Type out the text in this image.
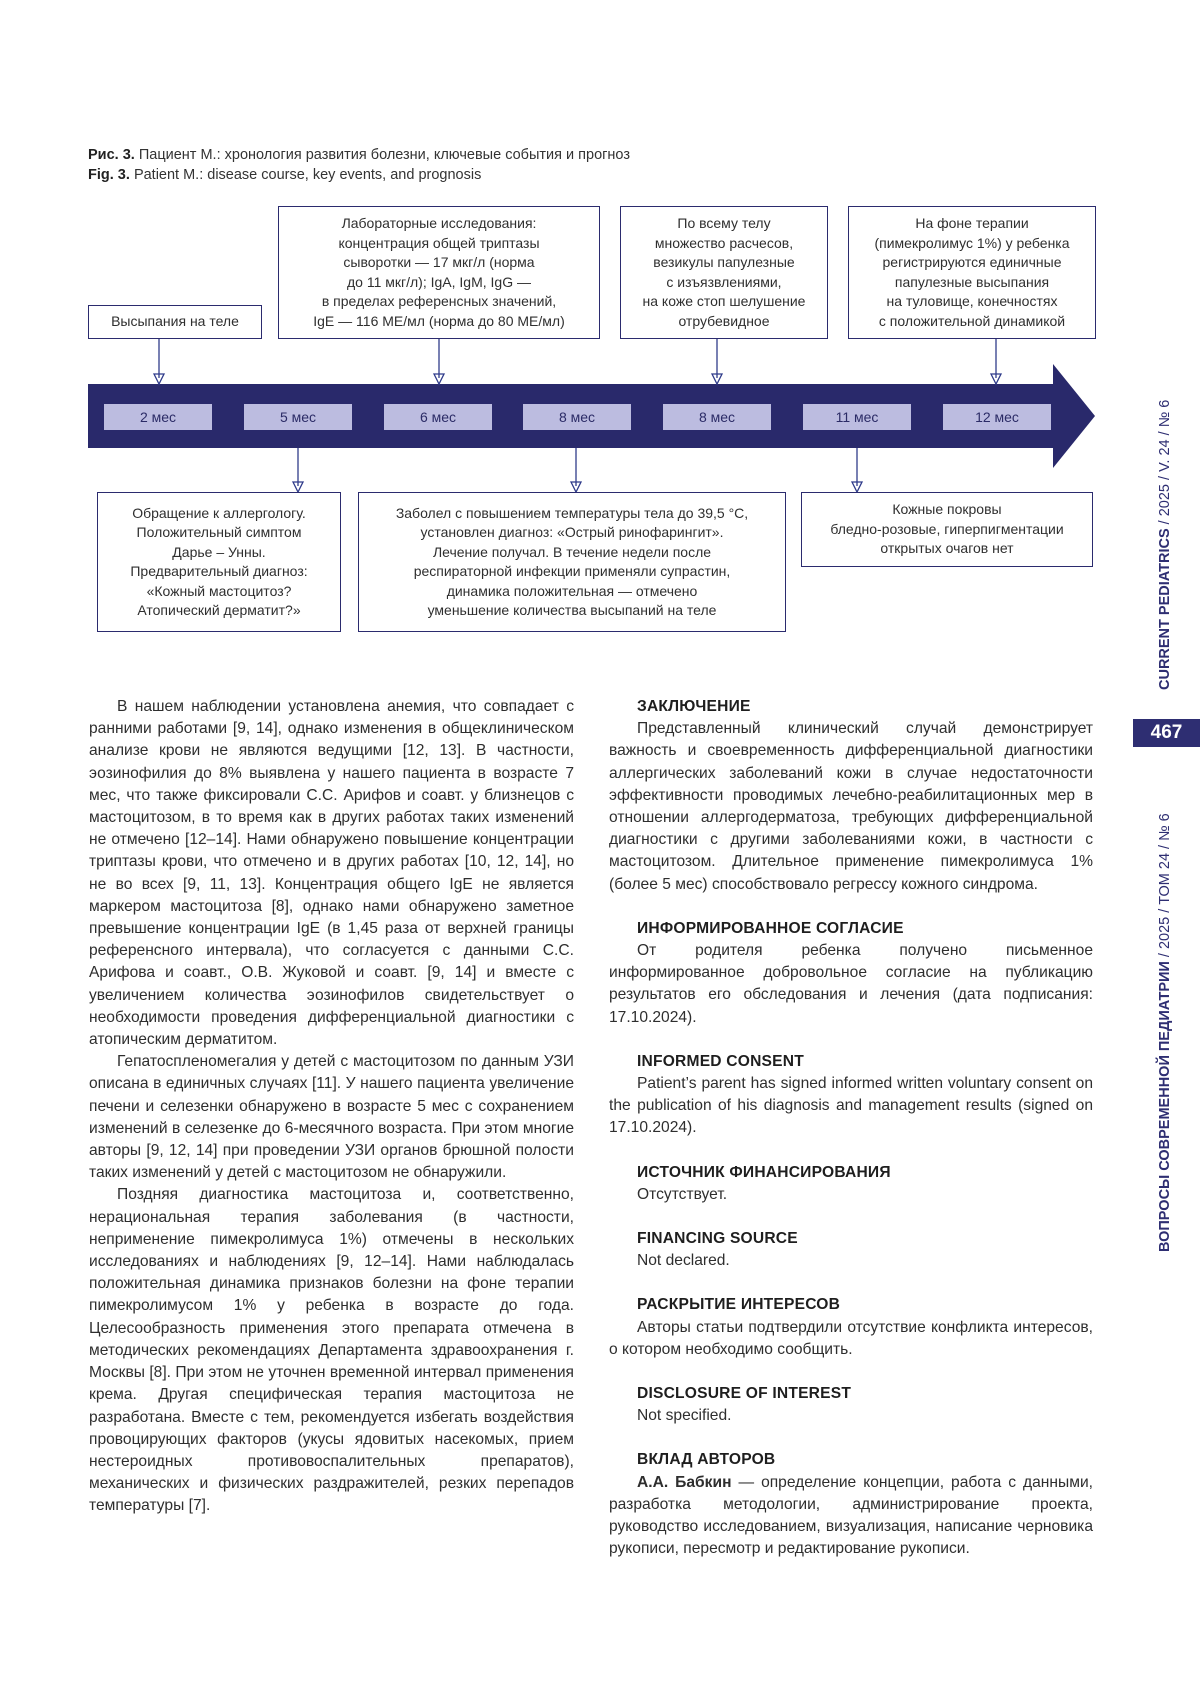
Рис. 3. Пациент М.: хронология развития болезни, ключевые события и прогноз
Fig. 3. Patient M.: disease course, key events, and prognosis
2 мес	5 мес	6 мес	8 мес	8 мес	11 мес	12 мес
Высыпания на теле
Лабораторные исследования:
концентрация общей триптазы
сыворотки — 17 мкг/л (норма
до 11 мкг/л); IgA, IgM, IgG —
в пределах референсных значений,
IgE — 116 МЕ/мл (норма до 80 МЕ/мл)
По всему телу
множество расчесов,
везикулы папулезные
с изъязвлениями,
на коже стоп шелушение
отрубевидное
На фоне терапии
(пимекролимус 1%) у ребенка
регистрируются единичные
папулезные высыпания
на туловище, конечностях
с положительной динамикой
Обращение к аллергологу.
Положительный симптом
Дарье – Унны.
Предварительный диагноз:
«Кожный мастоцитоз?
Атопический дерматит?»
Заболел с повышением температуры тела до 39,5 °С,
установлен диагноз: «Острый ринофарингит».
Лечение получал. В течение недели после
респираторной инфекции применяли супрастин,
динамика положительная — отмечено
уменьшение количества высыпаний на теле
Кожные покровы
бледно-розовые, гиперпигментации
открытых очагов нет

В нашем наблюдении установлена анемия, что совпадает с ранними работами [9, 14], однако изменения в общеклиническом анализе крови не являются ведущими [12, 13]. В частности, эозинофилия до 8% выявлена у нашего пациента в возрасте 7 мес, что также фиксировали С.С. Арифов и соавт. у близнецов с мастоцитозом, в то время как в других работах таких изменений не отмечено [12–14]. Нами обнаружено повышение концентрации триптазы крови, что отмечено и в других работах [10, 12, 14], но не во всех [9, 11, 13]. Концентрация общего IgE не является маркером мастоцитоза [8], однако нами обнаружено заметное превышение концентрации IgE (в 1,45 раза от верхней границы референсного интервала), что согласуется с данными С.С. Арифова и соавт., О.В. Жуковой и соавт. [9, 14] и вместе с увеличением количества эозинофилов свидетельствует о необходимости проведения дифференциальной диагностики с атопическим дерматитом.

Гепатоспленомегалия у детей с мастоцитозом по данным УЗИ описана в единичных случаях [11]. У нашего пациента увеличение печени и селезенки обнаружено в возрасте 5 мес с сохранением изменений в селезенке до 6-месячного возраста. При этом многие авторы [9, 12, 14] при проведении УЗИ органов брюшной полости таких изменений у детей с мастоцитозом не обнаружили.

Поздняя диагностика мастоцитоза и, соответственно, нерациональная терапия заболевания (в частности, неприменение пимекролимуса 1%) отмечены в нескольких исследованиях и наблюдениях [9, 12–14]. Нами наблюдалась положительная динамика признаков болезни на фоне терапии пимекролимусом 1% у ребенка в возрасте до года. Целесообразность применения этого препарата отмечена в методических рекомендациях Департамента здравоохранения г. Москвы [8]. При этом не уточнен временной интервал применения крема. Другая специфическая терапия мастоцитоза не разработана. Вместе с тем, рекомендуется избегать воздействия провоцирующих факторов (укусы ядовитых насекомых, прием нестероидных противовоспалительных препаратов), механических и физических раздражителей, резких перепадов температуры [7].

ЗАКЛЮЧЕНИЕ

Представленный клинический случай демонстрирует важность и своевременность дифференциальной диагностики аллергических заболеваний кожи в случае недостаточности эффективности проводимых лечебно-реабилитационных мер в отношении аллергодерматоза, требующих дифференциальной диагностики с другими заболеваниями кожи, в частности с мастоцитозом. Длительное применение пимекролимуса 1% (более 5 мес) способствовало регрессу кожного синдрома.

ИНФОРМИРОВАННОЕ СОГЛАСИЕ

От родителя ребенка получено письменное информированное добровольное согласие на публикацию результатов его обследования и лечения (дата подписания: 17.10.2024).

INFORMED CONSENT

Patient’s parent has signed informed written voluntary consent on the publication of his diagnosis and management results (signed on 17.10.2024).

ИСТОЧНИК ФИНАНСИРОВАНИЯ

Отсутствует.

FINANCING SOURCE

Not declared.

РАСКРЫТИЕ ИНТЕРЕСОВ

Авторы статьи подтвердили отсутствие конфликта интересов, о котором необходимо сообщить.

DISCLOSURE OF INTEREST

Not specified.

ВКЛАД АВТОРОВ

А.А. Бабкин — определение концепции, работа с данными, разработка методологии, администрирование проекта, руководство исследованием, визуализация, написание черновика рукописи, пересмотр и редактирование рукописи.

467
CURRENT PEDIATRICS / 2025 / V. 24 / № 6
ВОПРОСЫ СОВРЕМЕННОЙ ПЕДИАТРИИ / 2025 / ТОМ 24 / № 6
